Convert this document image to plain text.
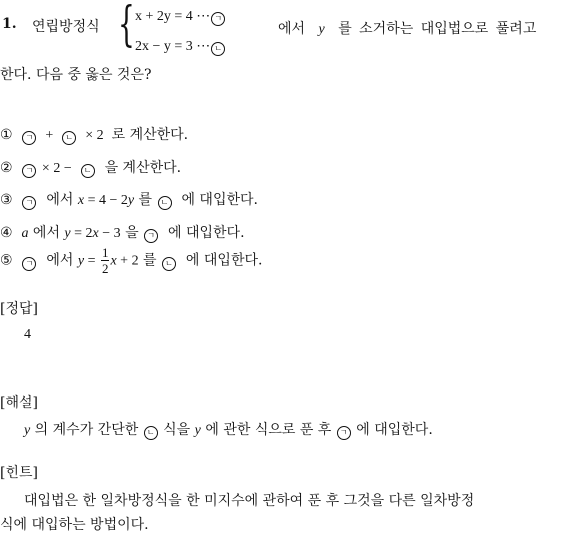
1. 연립방정식 { x + 2y = 4 ⋯ ㄱ
2x − y = 3 ⋯ ㄴ
에서 y 를 소거하는 대입법으로 풀려고
한다. 다음 중 옳은 것은?
① ㄱ  +  ㄴ  × 2  로 계산한다.
② ㄱ × 2 −  ㄴ  을 계산한다.
③ ㄱ  에서 x = 4 − 2y 를 ㄴ  에 대입한다.
④ a 에서 y = 2x − 3 을 ㄱ  에 대입한다.
⑤ ㄱ  에서 $y = \frac{1}{2}$ x + 2 를 ㄴ  에 대입한다.
[정답]
4
[해설]
y 의 계수가 간단한 ㄴ 식을 y 에 관한 식으로 푼 후 ㄱ 에 대입한다.
[힌트]
대입법은 한 일차방정식을 한 미지수에 관하여 푼 후 그것을 다른 일차방정
식에 대입하는 방법이다.
